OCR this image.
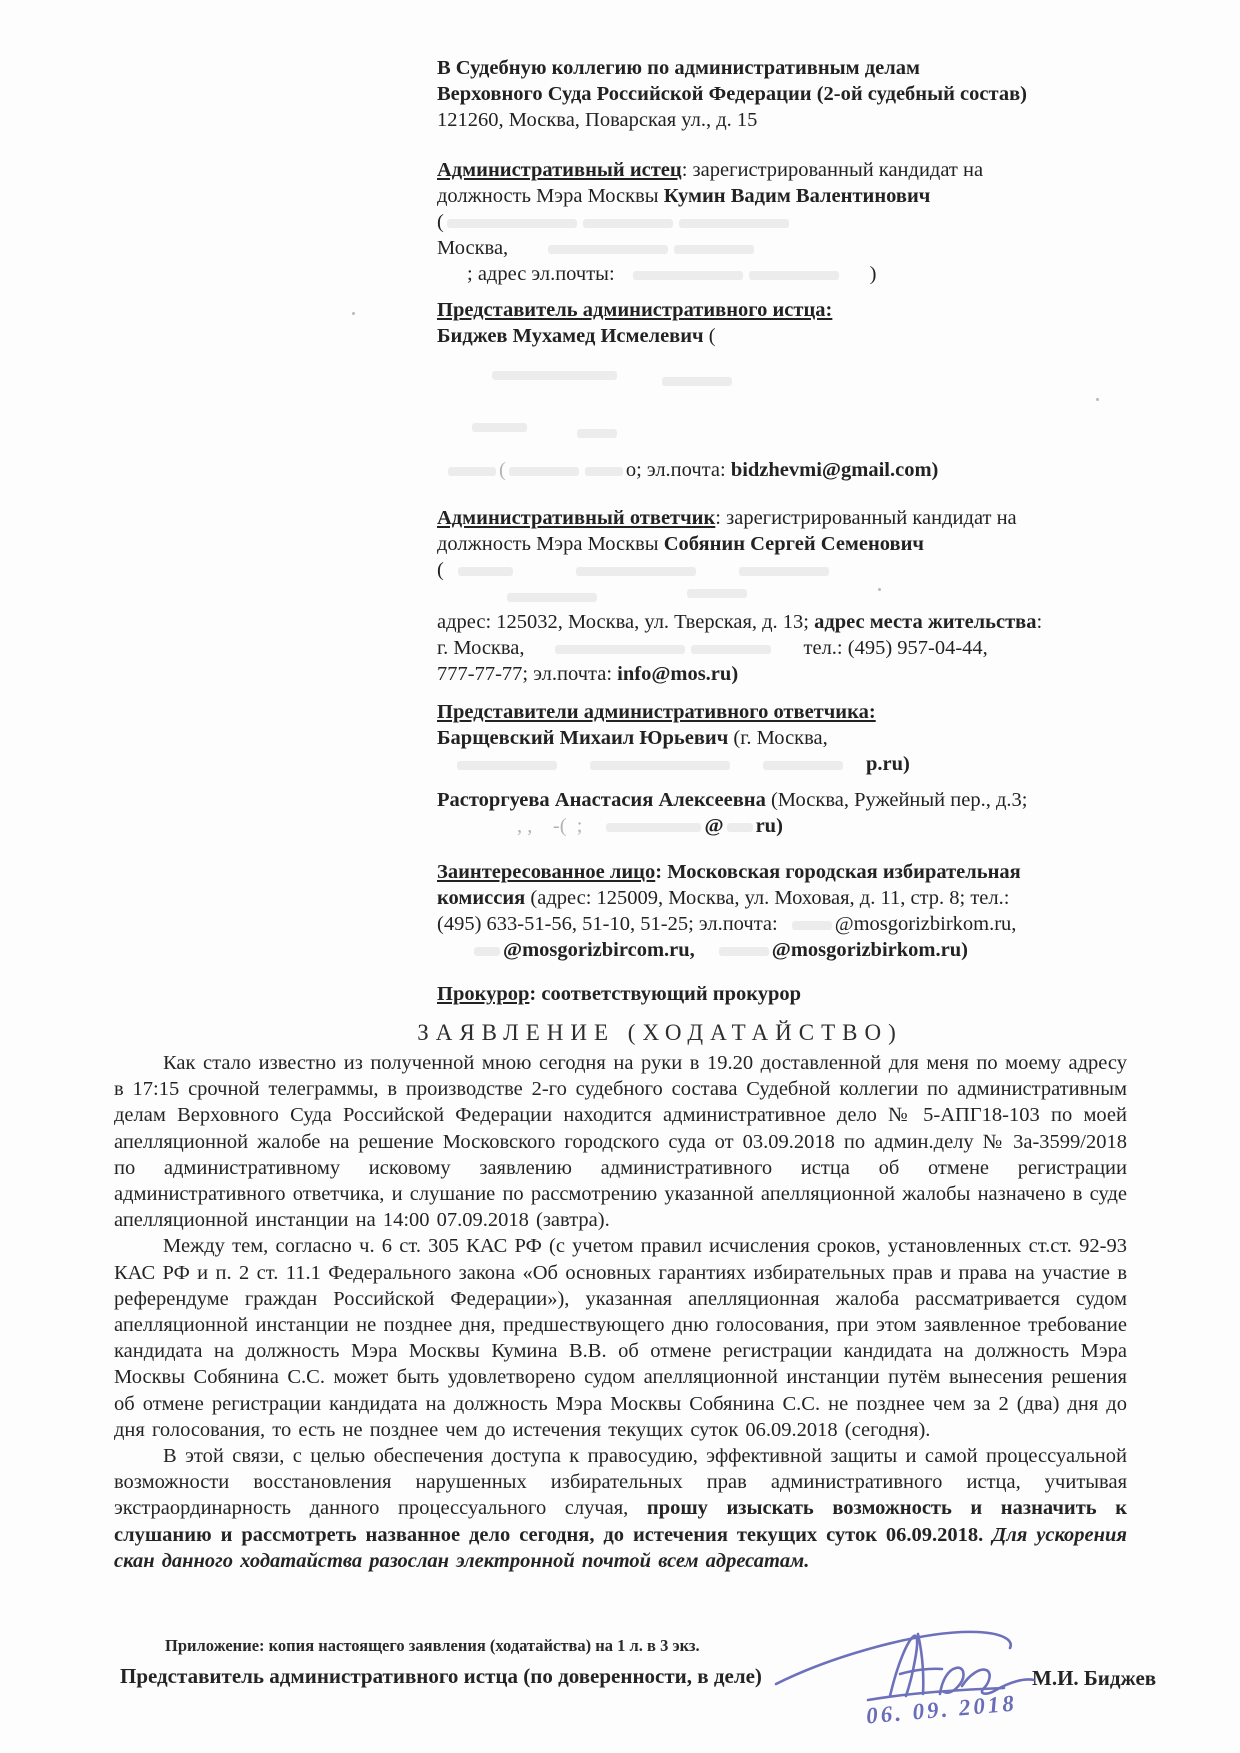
В Судебную коллегию по административным делам
Верховного Суда Российской Федерации (2-ой судебный состав)
121260, Москва, Поварская ул., д. 15
Административный истец: зарегистрированный кандидат на
должность Мэра Москвы Кумин Вадим Валентинович
(
Москва,
; адрес эл.почты:	)
Представитель административного истца:
Биджев Мухамед Исмелевич (
(	о; эл.почта: bidzhevmi@gmail.com)
Административный ответчик: зарегистрированный кандидат на
должность Мэра Москвы Собянин Сергей Семенович
(
адрес: 125032, Москва, ул. Тверская, д. 13; адрес места жительства:
г. Москва,	тел.: (495) 957-04-44,
777-77-77; эл.почта: info@mos.ru)
Представители административного ответчика:
Барщевский Михаил Юрьевич (г. Москва,
р.ru)
Расторгуева Анастасия Алексеевна (Москва, Ружейный пер., д.3;
, ,    -(  ;	@ ru)
Заинтересованное лицо: Московская городская избирательная
комиссия (адрес: 125009, Москва, ул. Моховая, д. 11, стр. 8; тел.:
(495) 633-51-56, 51-10, 51-25; эл.почта:	@mosgorizbirkom.ru,
@mosgorizbircom.ru,	@mosgorizbirkom.ru)
Прокурор: соответствующий прокурор
ЗАЯВЛЕНИЕ (ХОДАТАЙСТВО)

Как стало известно из полученной мною сегодня на руки в 19.20 доставленной для меня по моему адресу в 17:15 срочной телеграммы, в производстве 2-го судебного состава Судебной коллегии по административным делам Верховного Суда Российской Федерации находится административное дело № 5-АПГ18-103 по моей апелляционной жалобе на решение Московского городского суда от 03.09.2018 по админ.делу № 3а-3599/2018 по административному исковому заявлению административного истца об отмене регистрации административного ответчика, и слушание по рассмотрению указанной апелляционной жалобы назначено в суде апелляционной инстанции на 14:00 07.09.2018 (завтра).

Между тем, согласно ч. 6 ст. 305 КАС РФ (с учетом правил исчисления сроков, установленных ст.ст. 92-93 КАС РФ и п. 2 ст. 11.1 Федерального закона «Об основных гарантиях избирательных прав и права на участие в референдуме граждан Российской Федерации»), указанная апелляционная жалоба рассматривается судом апелляционной инстанции не позднее дня, предшествующего дню голосования, при этом заявленное требование кандидата на должность Мэра Москвы Кумина В.В. об отмене регистрации кандидата на должность Мэра Москвы Собянина С.С. может быть удовлетворено судом апелляционной инстанции путём вынесения решения об отмене регистрации кандидата на должность Мэра Москвы Собянина С.С. не позднее чем за 2 (два) дня до дня голосования, то есть не позднее чем до истечения текущих суток 06.09.2018 (сегодня).

В этой связи, с целью обеспечения доступа к правосудию, эффективной защиты и самой процессуальной возможности восстановления нарушенных избирательных прав административного истца, учитывая экстраординарность данного процессуального случая, прошу изыскать возможность и назначить к слушанию и рассмотреть названное дело сегодня, до истечения текущих суток 06.09.2018. Для ускорения скан данного ходатайства разослан электронной почтой всем адресатам.

Приложение: копия настоящего заявления (ходатайства) на 1 л. в 3 экз.
Представитель административного истца (по доверенности, в деле)	М.И. Биджев
06. 09. 2018
